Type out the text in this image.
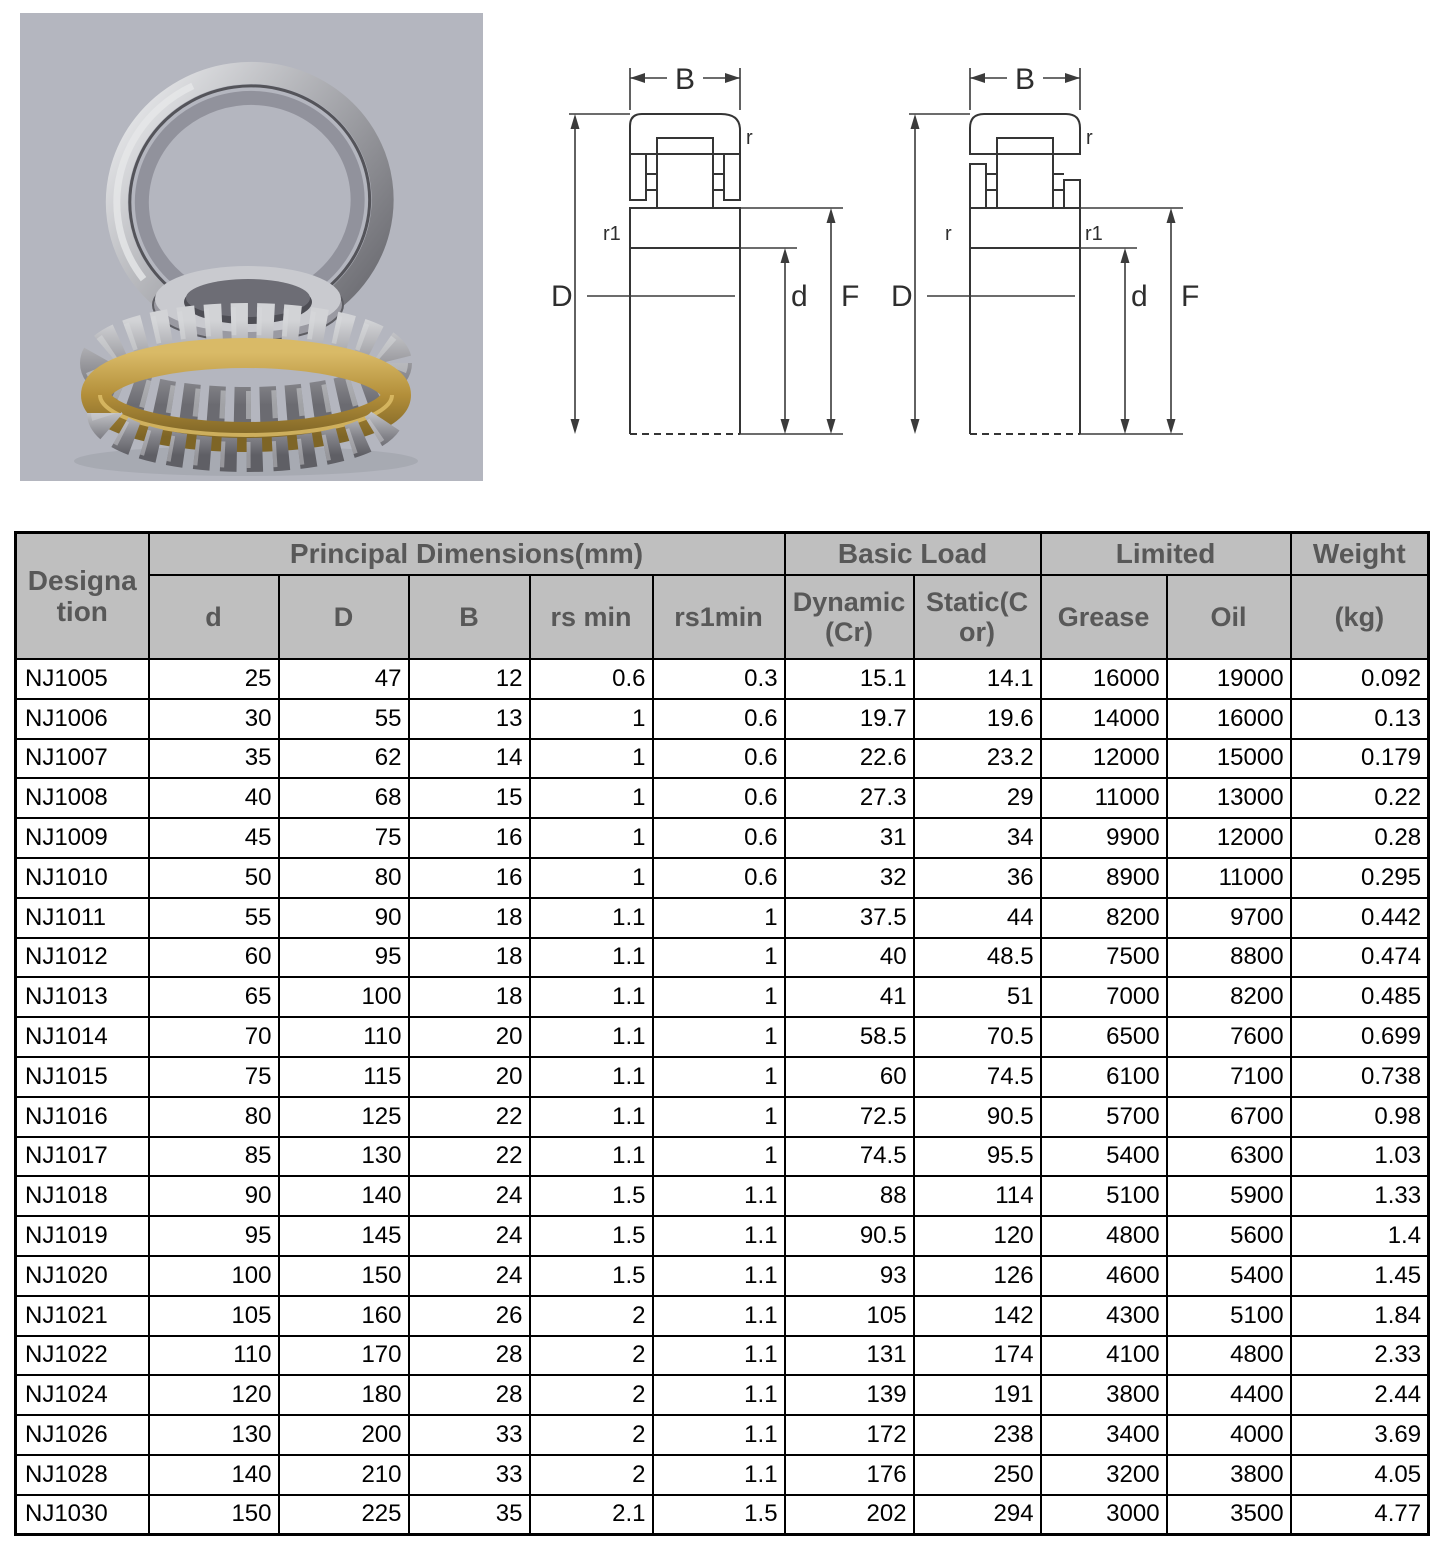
B
D	d F
r
r1
B
D	d F
r
r	r1
Designa
tion	Principal Dimensions(mm)					Basic Load		Limited		Weight
	d	D	B	rs min	rs1min	Dynamic (Cr)	Static(C or)	Grease	Oil	(kg)
NJ1005	25	47	12	0.6	0.3	15.1	14.1	16000	19000	0.092
NJ1006	30	55	13	1	0.6	19.7	19.6	14000	16000	0.13
NJ1007	35	62	14	1	0.6	22.6	23.2	12000	15000	0.179
NJ1008	40	68	15	1	0.6	27.3	29	11000	13000	0.22
NJ1009	45	75	16	1	0.6	31	34	9900	12000	0.28
NJ1010	50	80	16	1	0.6	32	36	8900	11000	0.295
NJ1011	55	90	18	1.1	1	37.5	44	8200	9700	0.442
NJ1012	60	95	18	1.1	1	40	48.5	7500	8800	0.474
NJ1013	65	100	18	1.1	1	41	51	7000	8200	0.485
NJ1014	70	110	20	1.1	1	58.5	70.5	6500	7600	0.699
NJ1015	75	115	20	1.1	1	60	74.5	6100	7100	0.738
NJ1016	80	125	22	1.1	1	72.5	90.5	5700	6700	0.98
NJ1017	85	130	22	1.1	1	74.5	95.5	5400	6300	1.03
NJ1018	90	140	24	1.5	1.1	88	114	5100	5900	1.33
NJ1019	95	145	24	1.5	1.1	90.5	120	4800	5600	1.4
NJ1020	100	150	24	1.5	1.1	93	126	4600	5400	1.45
NJ1021	105	160	26	2	1.1	105	142	4300	5100	1.84
NJ1022	110	170	28	2	1.1	131	174	4100	4800	2.33
NJ1024	120	180	28	2	1.1	139	191	3800	4400	2.44
NJ1026	130	200	33	2	1.1	172	238	3400	4000	3.69
NJ1028	140	210	33	2	1.1	176	250	3200	3800	4.05
NJ1030	150	225	35	2.1	1.5	202	294	3000	3500	4.77
